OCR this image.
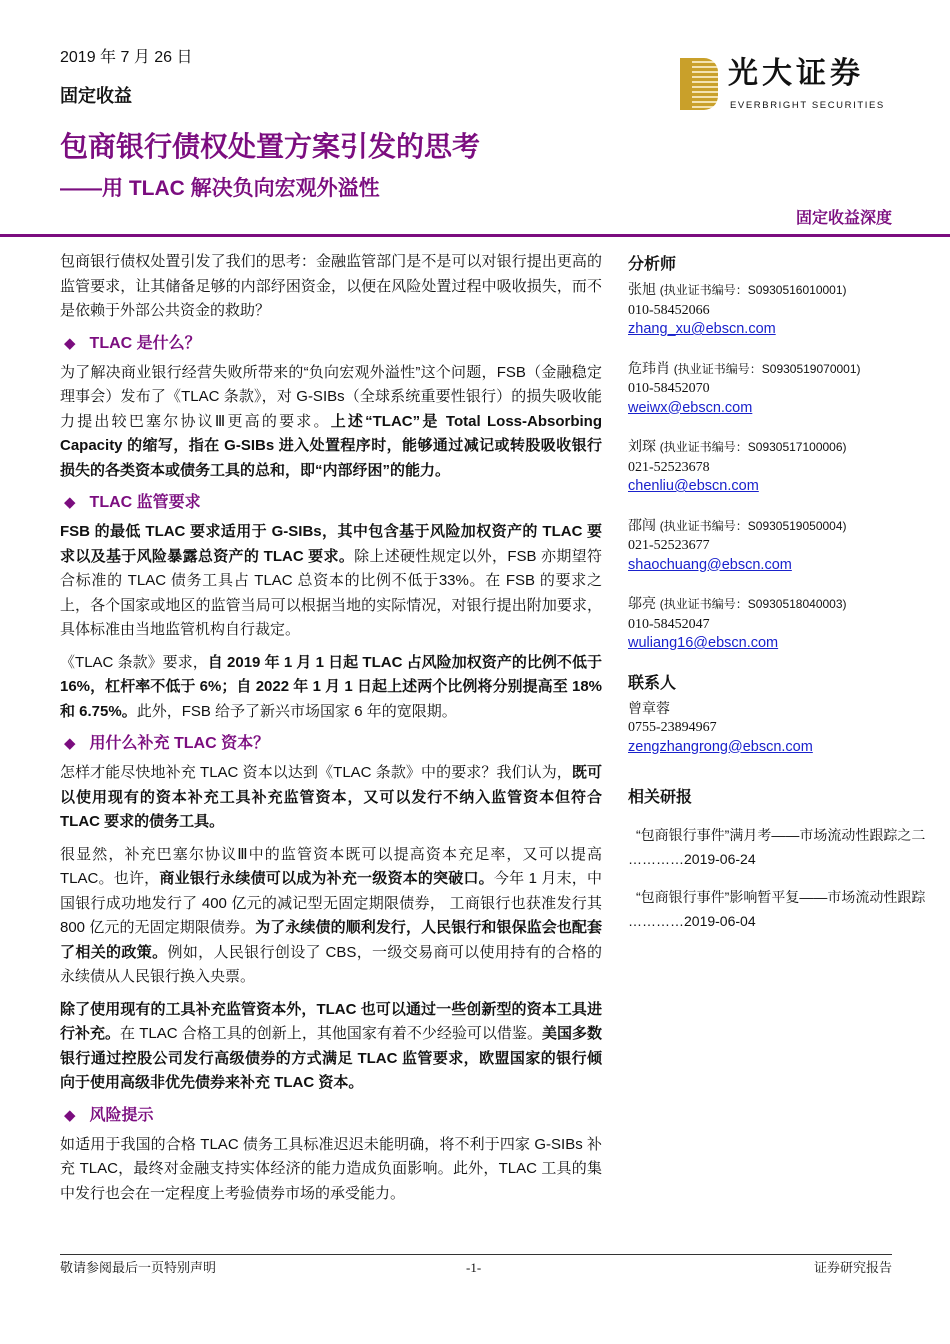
2019 年 7 月 26 日
固定收益
光大证券
EVERBRIGHT SECURITIES
包商银行债权处置方案引发的思考
——用 TLAC 解决负向宏观外溢性
固定收益深度

包商银行债权处置引发了我们的思考：金融监管部门是不是可以对银行提出更高的监管要求，让其储备足够的内部纾困资金，以便在风险处置过程中吸收损失，而不是依赖于外部公共资金的救助？

◆ TLAC 是什么？

为了解决商业银行经营失败所带来的“负向宏观外溢性”这个问题，FSB（金融稳定理事会）发布了《TLAC 条款》，对 G-SIBs（全球系统重要性银行）的损失吸收能力提出较巴塞尔协议Ⅲ更高的要求。上述“TLAC”是 Total Loss-Absorbing Capacity 的缩写，指在 G-SIBs 进入处置程序时，能够通过减记或转股吸收银行损失的各类资本或债务工具的总和，即“内部纾困”的能力。

◆ TLAC 监管要求

FSB 的最低 TLAC 要求适用于 G-SIBs，其中包含基于风险加权资产的 TLAC 要求以及基于风险暴露总资产的 TLAC 要求。除上述硬性规定以外，FSB 亦期望符合标准的 TLAC 债务工具占 TLAC 总资本的比例不低于33%。在 FSB 的要求之上，各个国家或地区的监管当局可以根据当地的实际情况，对银行提出附加要求，具体标准由当地监管机构自行裁定。

《TLAC 条款》要求，自 2019 年 1 月 1 日起 TLAC 占风险加权资产的比例不低于 16%，杠杆率不低于 6%；自 2022 年 1 月 1 日起上述两个比例将分别提高至 18%和 6.75%。此外，FSB 给予了新兴市场国家 6 年的宽限期。

◆ 用什么补充 TLAC 资本？

怎样才能尽快地补充 TLAC 资本以达到《TLAC 条款》中的要求？我们认为，既可以使用现有的资本补充工具补充监管资本，又可以发行不纳入监管资本但符合 TLAC 要求的债务工具。

很显然，补充巴塞尔协议Ⅲ中的监管资本既可以提高资本充足率，又可以提高 TLAC。也许，商业银行永续债可以成为补充一级资本的突破口。今年 1 月末，中国银行成功地发行了 400 亿元的减记型无固定期限债券， 工商银行也获准发行其 800 亿元的无固定期限债券。为了永续债的顺利发行，人民银行和银保监会也配套了相关的政策。例如，人民银行创设了 CBS，一级交易商可以使用持有的合格的永续债从人民银行换入央票。

除了使用现有的工具补充监管资本外，TLAC 也可以通过一些创新型的资本工具进行补充。在 TLAC 合格工具的创新上，其他国家有着不少经验可以借鉴。美国多数银行通过控股公司发行高级债券的方式满足 TLAC 监管要求，欧盟国家的银行倾向于使用高级非优先债券来补充 TLAC 资本。

◆ 风险提示

如适用于我国的合格 TLAC 债务工具标准迟迟未能明确，将不利于四家 G-SIBs 补充 TLAC，最终对金融支持实体经济的能力造成负面影响。此外，TLAC 工具的集中发行也会在一定程度上考验债券市场的承受能力。

分析师
张旭 (执业证书编号：S0930516010001)
010-58452066
zhang_xu@ebscn.com
危玮肖 (执业证书编号：S0930519070001)
010-58452070
weiwx@ebscn.com
刘琛 (执业证书编号：S0930517100006)
021-52523678
chenliu@ebscn.com
邵闯 (执业证书编号：S0930519050004)
021-52523677
shaochuang@ebscn.com
邬亮 (执业证书编号：S0930518040003)
010-58452047
wuliang16@ebscn.com
联系人
曾章蓉
0755-23894967
zengzhangrong@ebscn.com
相关研报
“包商银行事件”满月考——市场流动性跟踪之二
…………2019-06-24
“包商银行事件”影响暂平复——市场流动性跟踪
…………2019-06-04
敬请参阅最后一页特别声明	-1-	证券研究报告
